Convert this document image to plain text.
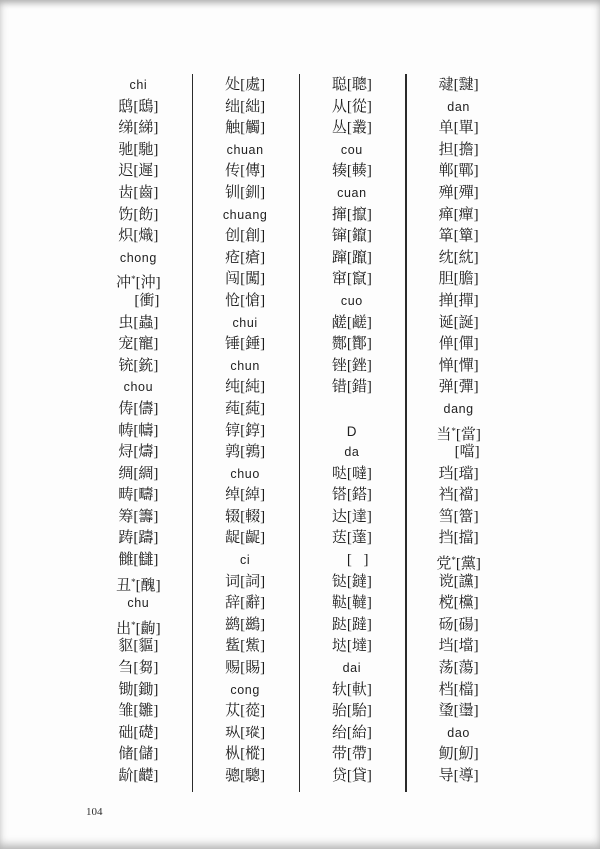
chi
鸱[鴟]
绨[綈]
驰[馳]
迟[遲]
齿[齒]
饬[飭]
炽[熾]
chong
冲*[沖]
[衝]
虫[蟲]
宠[寵]
铳[銃]
chou
俦[儔]
帱[幬]
𬊈[燽]
绸[綢]
畴[疇]
筹[籌]
踌[躊]
雠[讎]
丑*[醜]
chu
出*[齣]
䝙[貙]
刍[芻]
锄[鋤]
雏[雛]
础[礎]
储[儲]
𬹼[齼]
处[處]
绌[絀]
触[觸]
chuan
传[傳]
钏[釧]
chuang
创[創]
疮[瘡]
闯[闖]
怆[愴]
chui
锤[錘]
chun
纯[純]
莼[蒓]
𬭚[錞]
鹑[鶉]
chuo
绰[綽]
辍[輟]
龊[齪]
ci
词[詞]
辞[辭]
鹚[鷀]
𫚖[鮆]
赐[賜]
cong
苁[蓯]
𪻐[瑽]
枞[樅]
骢[驄]
聪[聰]
从[從]
丛[叢]
cou
辏[輳]
cuan
撺[攛]
镩[鑹]
蹿[躥]
窜[竄]
cuo
鹾[鹺]
酂[酇]
锉[銼]
错[錯]
D
da
哒[噠]
𨱏[鎝]
达[達]
荙[薘]
𥐟[䃮]
𫟼[鐽]
鞑[韃]
跶[躂]
垯[墶]
dai
轪[軑]
骀[駘]
绐[紿]
带[帶]
贷[貸]
叇[靆]
dan
单[單]
担[擔]
郸[鄲]
殚[殫]
瘅[癉]
箪[簞]
𬘘[紞]
胆[膽]
掸[撣]
诞[誕]
𫢸[僤]
惮[憚]
弹[彈]
dang
当*[當]
[噹]
珰[璫]
裆[襠]
筜[簹]
挡[擋]
党*[黨]
谠[讜]
𣗋[欓]
砀[碭]
垱[壋]
荡[蕩]
档[檔]
𬍡[璗]
dao
鱽[魛]
导[導]
104
